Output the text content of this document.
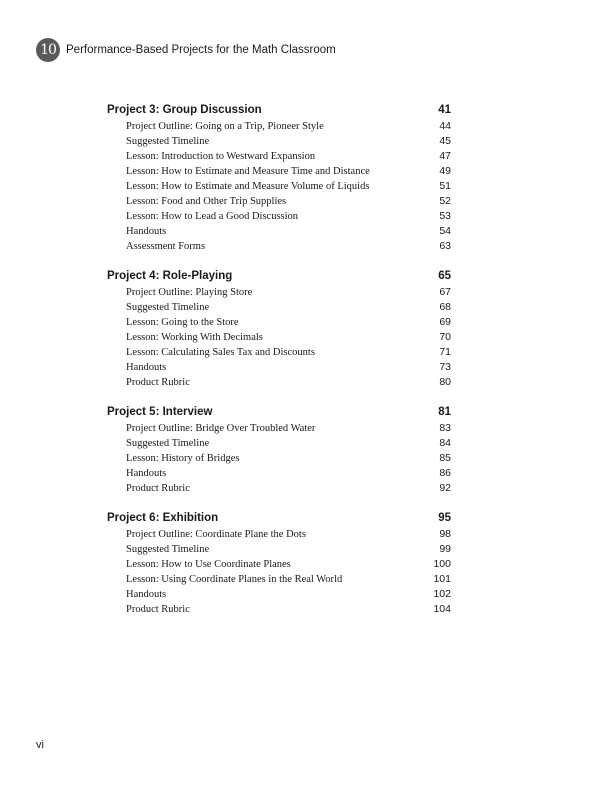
10 Performance-Based Projects for the Math Classroom
Project 3: Group Discussion	41
Project Outline: Going on a Trip, Pioneer Style	44
Suggested Timeline	45
Lesson: Introduction to Westward Expansion	47
Lesson: How to Estimate and Measure Time and Distance	49
Lesson: How to Estimate and Measure Volume of Liquids	51
Lesson: Food and Other Trip Supplies	52
Lesson: How to Lead a Good Discussion	53
Handouts	54
Assessment Forms	63
Project 4: Role-Playing	65
Project Outline: Playing Store	67
Suggested Timeline	68
Lesson: Going to the Store	69
Lesson: Working With Decimals	70
Lesson: Calculating Sales Tax and Discounts	71
Handouts	73
Product Rubric	80
Project 5: Interview	81
Project Outline: Bridge Over Troubled Water	83
Suggested Timeline	84
Lesson: History of Bridges	85
Handouts	86
Product Rubric	92
Project 6: Exhibition	95
Project Outline: Coordinate Plane the Dots	98
Suggested Timeline	99
Lesson: How to Use Coordinate Planes	100
Lesson: Using Coordinate Planes in the Real World	101
Handouts	102
Product Rubric	104
vi
